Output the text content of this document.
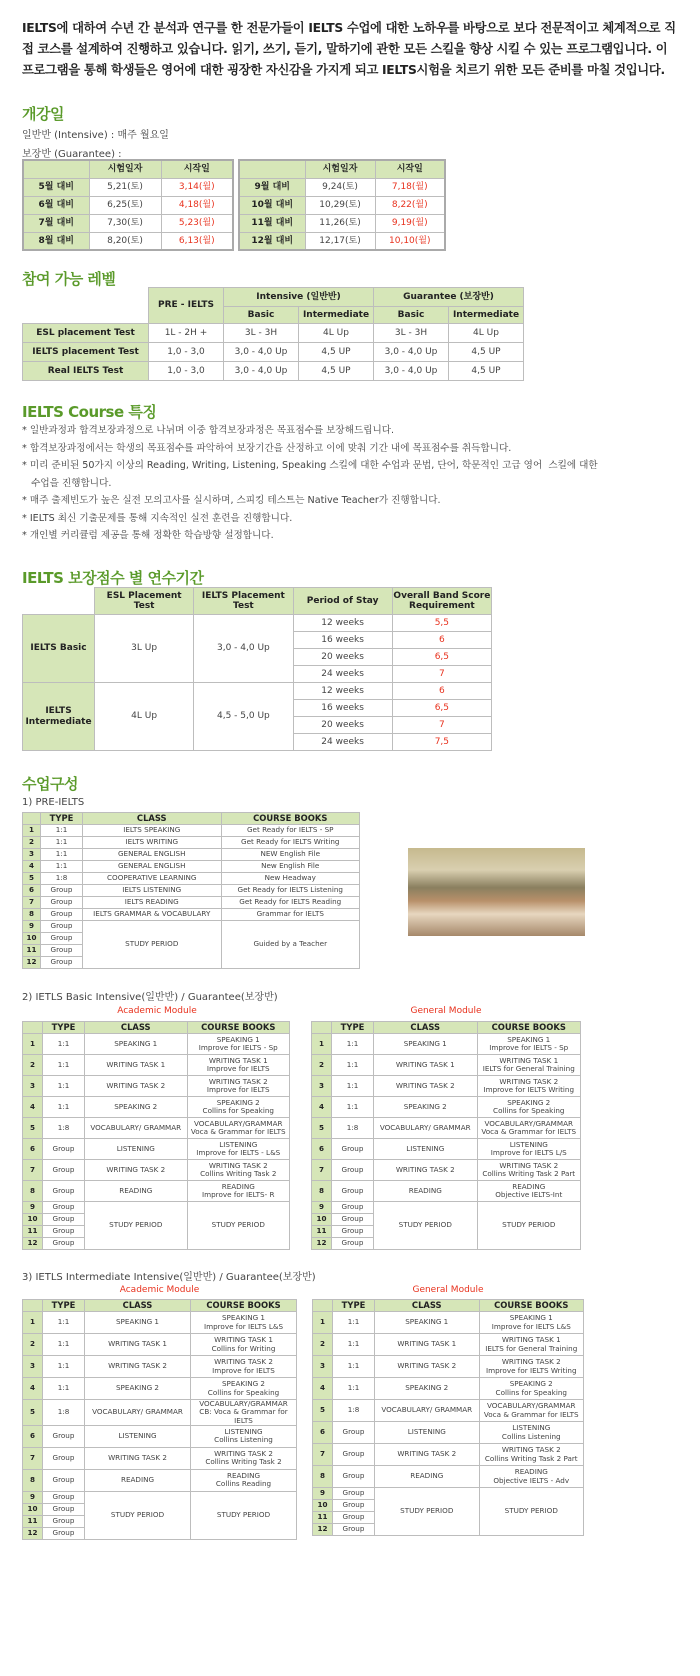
IELTS에 대하여 수년 간 분석과 연구를 한 전문가들이 IELTS 수업에 대한 노하우를 바탕으로 보다 전문적이고 체계적으로 직접 코스를 설계하여 진행하고 있습니다. 읽기, 쓰기, 듣기, 말하기에 관한 모든 스킬을 향상 시킬 수 있는 프로그램입니다. 이 프로그램을 통해 학생들은 영어에 대한 굉장한 자신감을 가지게 되고 IELTS시험을 치르기 위한 모든 준비를 마칠 것입니다.
개강일
일반반 (Intensive) : 매주 월요일
보장반 (Guarantee) :
	시험일자	시작일
5월 대비	5,21(토)	3,14(월)
6월 대비	6,25(토)	4,18(월)
7월 대비	7,30(토)	5,23(월)
8월 대비	8,20(토)	6,13(월)
	시험일자	시작일
9월 대비	9,24(토)	7,18(월)
10월 대비	10,29(토)	8,22(월)
11월 대비	11,26(토)	9,19(월)
12월 대비	12,17(토)	10,10(월)
참여 가능 레벨
	PRE - IELTS	Intensive (일반반)		Guarantee (보장반)	
		Basic	Intermediate	Basic	Intermediate
ESL placement Test	1L - 2H +	3L - 3H	4L Up	3L - 3H	4L Up
IELTS placement Test	1,0 - 3,0	3,0 - 4,0 Up	4,5 UP	3,0 - 4,0 Up	4,5 UP
Real IELTS Test	1,0 - 3,0	3,0 - 4,0 Up	4,5 UP	3,0 - 4,0 Up	4,5 UP
IELTS Course 특징
* 일반과정과 합격보장과정으로 나뉘며 이중 합격보장과정은 목표점수를 보장해드립니다.
* 합격보장과정에서는 학생의 목표점수를 파악하여 보장기간을 산정하고 이에 맞춰 기간 내에 목표점수를 취득합니다.
* 미리 준비된 50가지 이상의 Reading, Writing, Listening, Speaking 스킬에 대한 수업과 문법, 단어, 학문적인 고급 영어  스킬에 대한
수업을 진행합니다.
* 매주 출제빈도가 높은 실전 모의고사를 실시하며, 스피킹 테스트는 Native Teacher가 진행합니다.
* IELTS 최신 기출문제를 통해 지속적인 실전 훈련을 진행합니다.
* 개인별 커리큘럼 제공을 통해 정확한 학습방향 설정합니다.
IELTS 보장점수 별 연수기간
	ESL Placement Test	IELTS Placement Test	Period of Stay	Overall Band Score Requirement
IELTS Basic	3L Up	3,0 - 4,0 Up	12 weeks	5,5
			16 weeks	6
			20 weeks	6,5
			24 weeks	7
IELTS Intermediate	4L Up	4,5 - 5,0 Up	12 weeks	6
			16 weeks	6,5
			20 weeks	7
			24 weeks	7,5
수업구성
1) PRE-IELTS
	TYPE	CLASS	COURSE BOOKS
1	1:1	IELTS SPEAKING	Get Ready for IELTS - SP
2	1:1	IELTS WRITING	Get Ready for IELTS Writing
3	1:1	GENERAL ENGLISH	NEW English File
4	1:1	GENERAL ENGLISH	New English File
5	1:8	COOPERATIVE LEARNING	New Headway
6	Group	IELTS LISTENING	Get Ready for IELTS Listening
7	Group	IELTS READING	Get Ready for IELTS Reading
8	Group	IELTS GRAMMAR & VOCABULARY	Grammar for IELTS
9	Group	STUDY PERIOD	Guided by a Teacher
10	Group		
11	Group		
12	Group		
2) IETLS Basic Intensive(일반반) / Guarantee(보장반)
Academic Module	General Module
	TYPE	CLASS	COURSE BOOKS
1	1:1	SPEAKING 1	SPEAKING 1
Improve for IELTS - Sp

2	1:1	WRITING TASK 1	WRITING TASK 1
Improve for IELTS

3	1:1	WRITING TASK 2	WRITING TASK 2
Improve for IELTS

4	1:1	SPEAKING 2	SPEAKING 2
Collins for Speaking

5	1:8	VOCABULARY/ GRAMMAR	VOCABULARY/GRAMMAR
Voca & Grammar for IELTS

6	Group	LISTENING	LISTENING
Improve for IELTS - L&S

7	Group	WRITING TASK 2	WRITING TASK 2
Collins Writing Task 2

8	Group	READING	READING
Improve for IELTS- R

9	Group	STUDY PERIOD	STUDY PERIOD
10	Group		
11	Group		
12	Group		
	TYPE	CLASS	COURSE BOOKS
1	1:1	SPEAKING 1	SPEAKING 1
Improve for IELTS - Sp

2	1:1	WRITING TASK 1	WRITING TASK 1
IELTS for General Training

3	1:1	WRITING TASK 2	WRITING TASK 2
Improve for IELTS Writing

4	1:1	SPEAKING 2	SPEAKING 2
Collins for Speaking

5	1:8	VOCABULARY/ GRAMMAR	VOCABULARY/GRAMMAR
Voca & Grammar for IELTS

6	Group	LISTENING	LISTENING
Improve for IELTS L/S

7	Group	WRITING TASK 2	WRITING TASK 2
Collins Writing Task 2 Part

8	Group	READING	READING
Objective IELTS-Int

9	Group	STUDY PERIOD	STUDY PERIOD
10	Group		
11	Group		
12	Group		
3) IETLS Intermediate Intensive(일반반) / Guarantee(보장반)
Academic Module	General Module
	TYPE	CLASS	COURSE BOOKS
1	1:1	SPEAKING 1	SPEAKING 1
Improve for IELTS L&S

2	1:1	WRITING TASK 1	WRITING TASK 1
Collins for Writing

3	1:1	WRITING TASK 2	WRITING TASK 2
Improve for IELTS

4	1:1	SPEAKING 2	SPEAKING 2
Collins for Speaking

5	1:8	VOCABULARY/ GRAMMAR	VOCABULARY/GRAMMAR
CB: Voca & Grammar for IELTS

6	Group	LISTENING	LISTENING
Collins Listening

7	Group	WRITING TASK 2	WRITING TASK 2
Collins Writing Task 2

8	Group	READING	READING
Collins Reading

9	Group	STUDY PERIOD	STUDY PERIOD
10	Group		
11	Group		
12	Group		
	TYPE	CLASS	COURSE BOOKS
1	1:1	SPEAKING 1	SPEAKING 1
Improve for IELTS L&S

2	1:1	WRITING TASK 1	WRITING TASK 1
IELTS for General Training

3	1:1	WRITING TASK 2	WRITING TASK 2
Improve for IELTS Writing

4	1:1	SPEAKING 2	SPEAKING 2
Collins for Speaking

5	1:8	VOCABULARY/ GRAMMAR	VOCABULARY/GRAMMAR
Voca & Grammar for IELTS

6	Group	LISTENING	LISTENING
Collins Listening

7	Group	WRITING TASK 2	WRITING TASK 2
Collins Writing Task 2 Part

8	Group	READING	READING
Objective IELTS - Adv

9	Group	STUDY PERIOD	STUDY PERIOD
10	Group		
11	Group		
12	Group		
